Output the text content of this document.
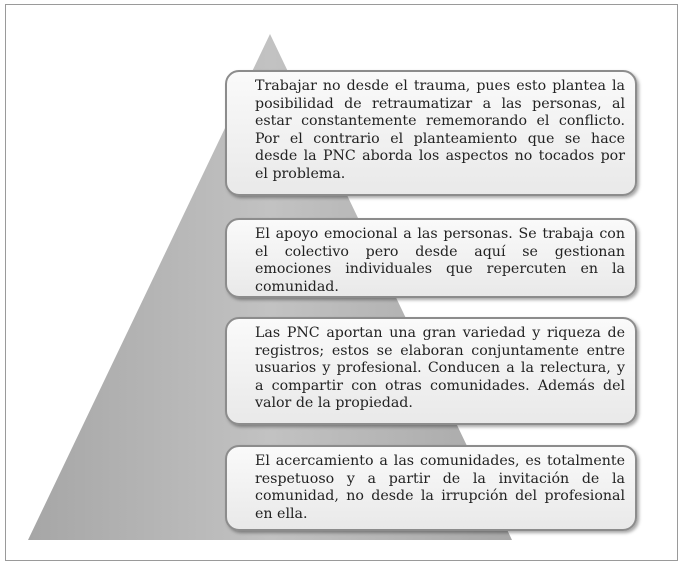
Trabajar no desde el trauma, pues esto plantea la posibilidad de retraumatizar a las personas, al estar constantemente rememorando el conflicto. Por el contrario el planteamiento que se hace desde la PNC aborda los aspectos no tocados por el problema.

El apoyo emocional a las personas. Se trabaja con el colectivo pero desde aquí se gestionan emociones individuales que repercuten en la comunidad.

Las PNC aportan una gran variedad y riqueza de registros; estos se elaboran conjuntamente entre usuarios y profesional. Conducen a la relectura, y a compartir con otras comunidades. Además del valor de la propiedad.

El acercamiento a las comunidades, es totalmente respetuoso y a partir de la invitación de la comunidad, no desde la irrupción del profesional en ella.
